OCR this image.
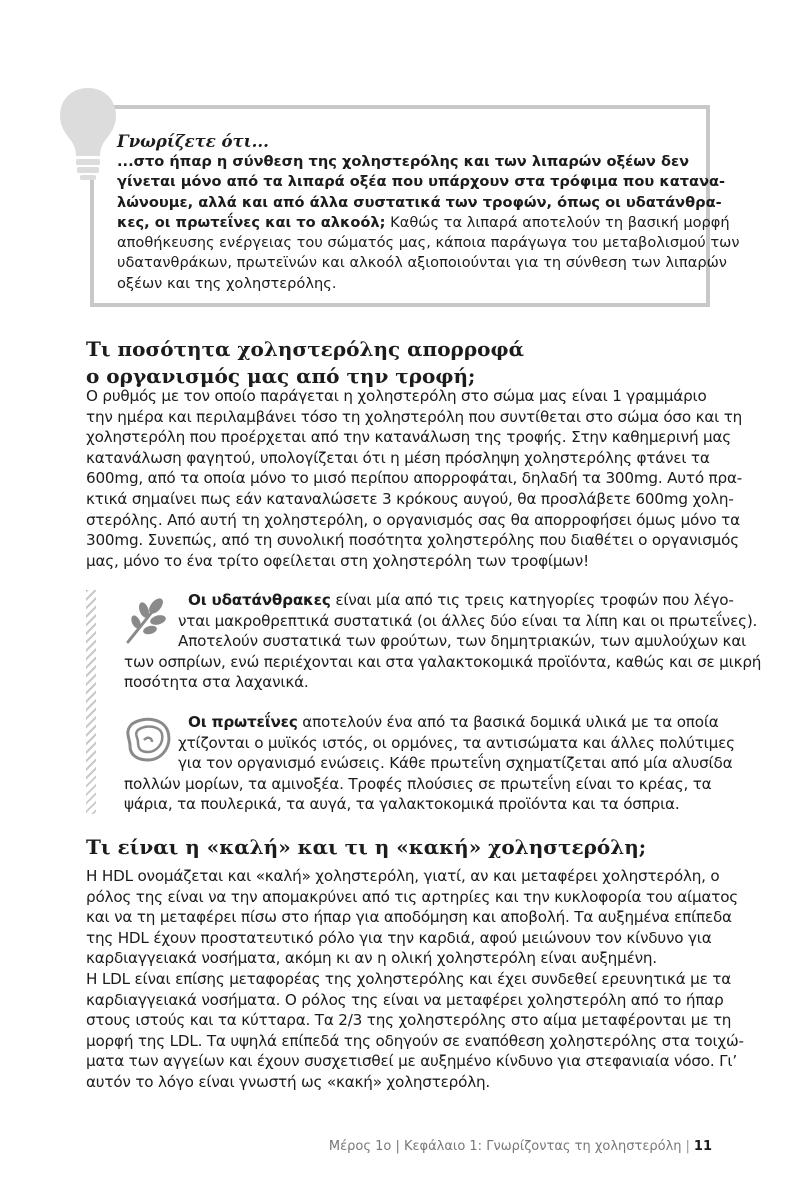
Γνωρίζετε ότι...
...στο ήπαρ η σύνθεση της χοληστερόλης και των λιπαρών οξέων δεν
γίνεται μόνο από τα λιπαρά οξέα που υπάρχουν στα τρόφιμα που κατανα-
λώνουμε, αλλά και από άλλα συστατικά των τροφών, όπως οι υδατάνθρα-
κες, οι πρωτεΐνες και το αλκοόλ; Καθώς τα λιπαρά αποτελούν τη βασική μορφή
αποθήκευσης ενέργειας του σώματός μας, κάποια παράγωγα του μεταβολισμού των
υδατανθράκων, πρωτεϊνών και αλκοόλ αξιοποιούνται για τη σύνθεση των λιπαρών
οξέων και της χοληστερόλης.
Τι ποσότητα χοληστερόλης απορροφά
ο οργανισμός μας από την τροφή;
Ο ρυθμός με τον οποίο παράγεται η χοληστερόλη στο σώμα μας είναι 1 γραμμάριο
την ημέρα και περιλαμβάνει τόσο τη χοληστερόλη που συντίθεται στο σώμα όσο και τη
χοληστερόλη που προέρχεται από την κατανάλωση της τροφής. Στην καθημερινή μας
κατανάλωση φαγητού, υπολογίζεται ότι η μέση πρόσληψη χοληστερόλης φτάνει τα
600mg, από τα οποία μόνο το μισό περίπου απορροφάται, δηλαδή τα 300mg. Αυτό πρα-
κτικά σημαίνει πως εάν καταναλώσετε 3 κρόκους αυγού, θα προσλάβετε 600mg χολη-
στερόλης. Από αυτή τη χοληστερόλη, ο οργανισμός σας θα απορροφήσει όμως μόνο τα
300mg. Συνεπώς, από τη συνολική ποσότητα χοληστερόλης που διαθέτει ο οργανισμός
μας, μόνο το ένα τρίτο οφείλεται στη χοληστερόλη των τροφίμων!
Οι υδατάνθρακες είναι μία από τις τρεις κατηγορίες τροφών που λέγο-
νται μακροθρεπτικά συστατικά (οι άλλες δύο είναι τα λίπη και οι πρωτεΐνες).
Αποτελούν συστατικά των φρούτων, των δημητριακών, των αμυλούχων και
των οσπρίων, ενώ περιέχονται και στα γαλακτοκομικά προϊόντα, καθώς και σε μικρή
ποσότητα στα λαχανικά.
Οι πρωτεΐνες αποτελούν ένα από τα βασικά δομικά υλικά με τα οποία
χτίζονται ο μυϊκός ιστός, οι ορμόνες, τα αντισώματα και άλλες πολύτιμες
για τον οργανισμό ενώσεις. Κάθε πρωτεΐνη σχηματίζεται από μία αλυσίδα
πολλών μορίων, τα αμινοξέα. Τροφές πλούσιες σε πρωτεΐνη είναι το κρέας, τα
ψάρια, τα πουλερικά, τα αυγά, τα γαλακτοκομικά προϊόντα και τα όσπρια.
Τι είναι η «καλή» και τι η «κακή» χοληστερόλη;
Η HDL ονομάζεται και «καλή» χοληστερόλη, γιατί, αν και μεταφέρει χοληστερόλη, ο
ρόλος της είναι να την απομακρύνει από τις αρτηρίες και την κυκλοφορία του αίματος
και να τη μεταφέρει πίσω στο ήπαρ για αποδόμηση και αποβολή. Τα αυξημένα επίπεδα
της HDL έχουν προστατευτικό ρόλο για την καρδιά, αφού μειώνουν τον κίνδυνο για
καρδιαγγειακά νοσήματα, ακόμη κι αν η ολική χοληστερόλη είναι αυξημένη.
Η LDL είναι επίσης μεταφορέας της χοληστερόλης και έχει συνδεθεί ερευνητικά με τα
καρδιαγγειακά νοσήματα. Ο ρόλος της είναι να μεταφέρει χοληστερόλη από το ήπαρ
στους ιστούς και τα κύτταρα. Τα 2/3 της χοληστερόλης στο αίμα μεταφέρονται με τη
μορφή της LDL. Τα υψηλά επίπεδά της οδηγούν σε εναπόθεση χοληστερόλης στα τοιχώ-
ματα των αγγείων και έχουν συσχετισθεί με αυξημένο κίνδυνο για στεφανιαία νόσο. Γι’
αυτόν το λόγο είναι γνωστή ως «κακή» χοληστερόλη.
Μέρος 1ο | Κεφάλαιο 1: Γνωρίζοντας τη χοληστερόλη | 11
